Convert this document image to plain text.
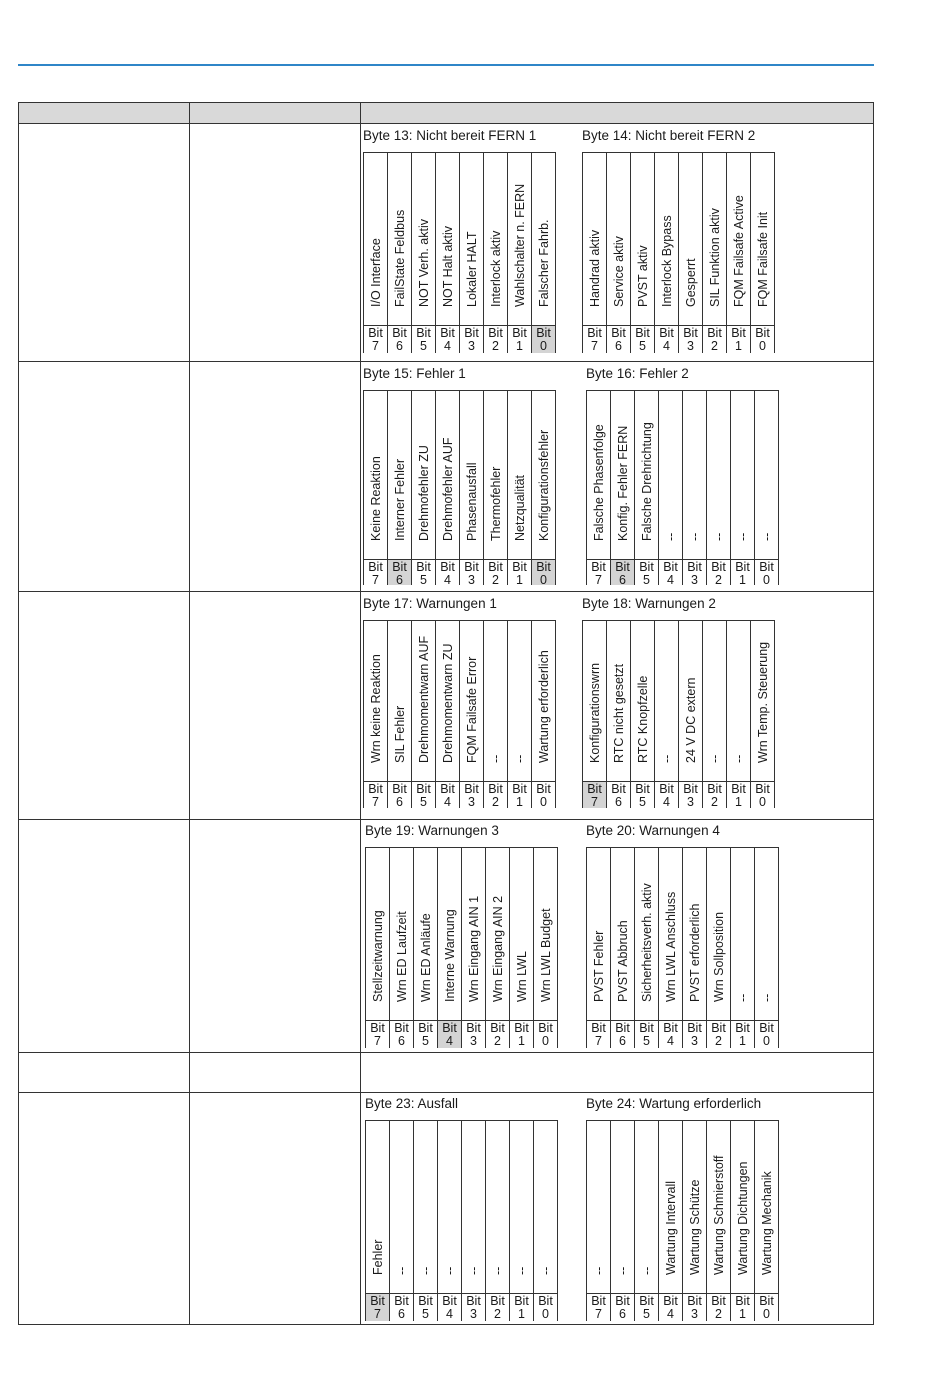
Byte 13: Nicht bereit FERN 1
I/O Interface
Bit
7
FailState Feldbus
Bit
6
NOT Verh. aktiv
Bit
5
NOT Halt aktiv
Bit
4
Lokaler HALT
Bit
3
Interlock aktiv
Bit
2
Wahlschalter n. FERN
Bit
1
Falscher Fahrb.
Bit
0
Byte 14: Nicht bereit FERN 2
Handrad aktiv
Bit
7
Service aktiv
Bit
6
PVST aktiv
Bit
5
Interlock Bypass
Bit
4
Gesperrt
Bit
3
SIL Funktion aktiv
Bit
2
FQM Failsafe Active
Bit
1
FQM Failsafe Init
Bit
0
Byte 15: Fehler 1
Keine Reaktion
Bit
7
Interner Fehler
Bit
6
Drehmofehler ZU
Bit
5
Drehmofehler AUF
Bit
4
Phasenausfall
Bit
3
Thermofehler
Bit
2
Netzqualität
Bit
1
Konfigurationsfehler
Bit
0
Byte 16: Fehler 2
Falsche Phasenfolge
Bit
7
Konfig. Fehler FERN
Bit
6
Falsche Drehrichtung
Bit
5
--
Bit
4
--
Bit
3
--
Bit
2
--
Bit
1
--
Bit
0
Byte 17: Warnungen 1
Wrn keine Reaktion
Bit
7
SIL Fehler
Bit
6
Drehmomentwarn AUF
Bit
5
Drehmomentwarn ZU
Bit
4
FQM Failsafe Error
Bit
3
--
Bit
2
--
Bit
1
Wartung erforderlich
Bit
0
Byte 18: Warnungen 2
Konfigurationswrn
Bit
7
RTC nicht gesetzt
Bit
6
RTC Knopfzelle
Bit
5
--
Bit
4
24 V DC extern
Bit
3
--
Bit
2
--
Bit
1
Wrn Temp. Steuerung
Bit
0
Byte 19: Warnungen 3
Stellzeitwarnung
Bit
7
Wrn ED Laufzeit
Bit
6
Wrn ED Anläufe
Bit
5
Interne Warnung
Bit
4
Wrn Eingang AIN 1
Bit
3
Wrn Eingang AIN 2
Bit
2
Wrn LWL
Bit
1
Wrn LWL Budget
Bit
0
Byte 20: Warnungen 4
PVST Fehler
Bit
7
PVST Abbruch
Bit
6
Sicherheitsverh. aktiv
Bit
5
Wrn LWL Anschluss
Bit
4
PVST erforderlich
Bit
3
Wrn Sollposition
Bit
2
--
Bit
1
--
Bit
0
Byte 23: Ausfall
Fehler
Bit
7
--
Bit
6
--
Bit
5
--
Bit
4
--
Bit
3
--
Bit
2
--
Bit
1
--
Bit
0
Byte 24: Wartung erforderlich
--
Bit
7
--
Bit
6
--
Bit
5
Wartung Intervall
Bit
4
Wartung Schütze
Bit
3
Wartung Schmierstoff
Bit
2
Wartung Dichtungen
Bit
1
Wartung Mechanik
Bit
0
